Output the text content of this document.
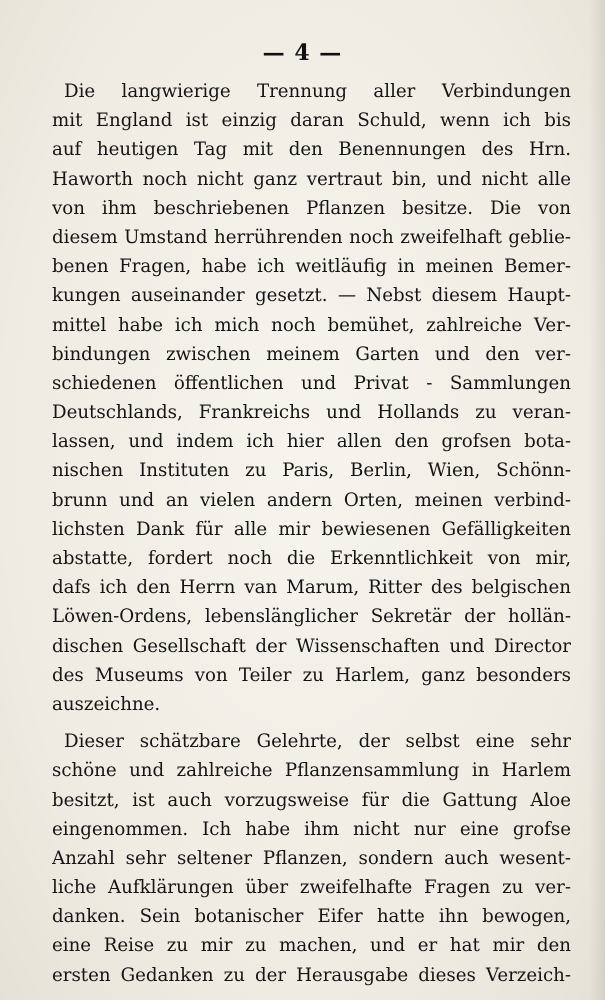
— 4 —
Die langwierige Trennung aller Verbindungen
mit England ist einzig daran Schuld, wenn ich bis
auf heutigen Tag mit den Benennungen des Hrn.
Haworth noch nicht ganz vertraut bin, und nicht alle
von ihm beschriebenen Pflanzen besitze. Die von
diesem Umstand herrührenden noch zweifelhaft geblie-
benen Fragen, habe ich weitläufig in meinen Bemer-
kungen auseinander gesetzt. — Nebst diesem Haupt-
mittel habe ich mich noch bemühet, zahlreiche Ver-
bindungen zwischen meinem Garten und den ver-
schiedenen öffentlichen und Privat - Sammlungen
Deutschlands, Frankreichs und Hollands zu veran-
lassen, und indem ich hier allen den grofsen bota-
nischen Instituten zu Paris, Berlin, Wien, Schönn-
brunn und an vielen andern Orten, meinen verbind-
lichsten Dank für alle mir bewiesenen Gefälligkeiten
abstatte, fordert noch die Erkenntlichkeit von mir,
dafs ich den Herrn van Marum, Ritter des belgischen
Löwen-Ordens, lebenslänglicher Sekretär der hollän-
dischen Gesellschaft der Wissenschaften und Director
des Museums von Teiler zu Harlem, ganz besonders
auszeichne.
Dieser schätzbare Gelehrte, der selbst eine sehr
schöne und zahlreiche Pflanzensammlung in Harlem
besitzt, ist auch vorzugsweise für die Gattung Aloe
eingenommen. Ich habe ihm nicht nur eine grofse
Anzahl sehr seltener Pflanzen, sondern auch wesent-
liche Aufklärungen über zweifelhafte Fragen zu ver-
danken. Sein botanischer Eifer hatte ihn bewogen,
eine Reise zu mir zu machen, und er hat mir den
ersten Gedanken zu der Herausgabe dieses Verzeich-
